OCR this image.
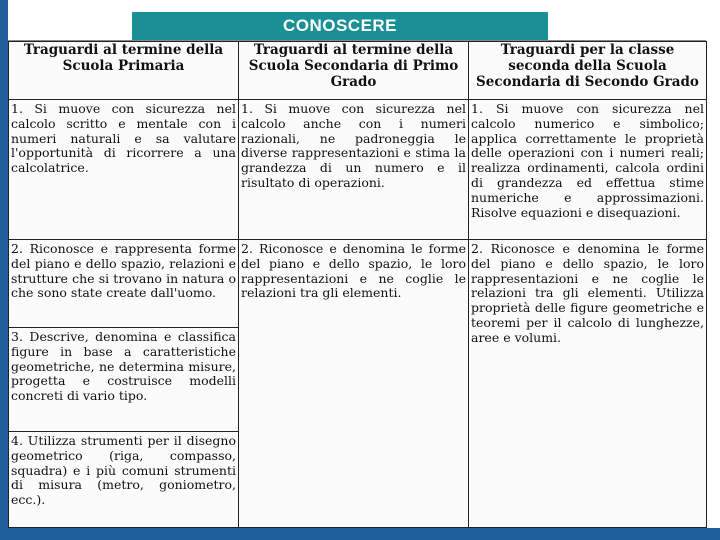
Traguardi al termine della Scuola Primaria	Traguardi al termine della Scuola Secondaria di Primo Grado	Traguardi per la classe seconda della Scuola Secondaria di Secondo Grado
1. Si muove con sicurezza nel calcolo scritto e mentale con i numeri naturali e sa valutare l'opportunità di ricorrere a una calcolatrice.	1. Si muove con sicurezza nel calcolo anche con i numeri razionali, ne padroneggia le diverse rappresentazioni e stima la grandezza di un numero e il risultato di operazioni.	1. Si muove con sicurezza nel calcolo numerico e simbolico; applica correttamente le proprietà delle operazioni con i numeri reali; realizza ordinamenti, calcola ordini di grandezza ed effettua stime numeriche e approssimazioni. Risolve equazioni e disequazioni.
2. Riconosce e rappresenta forme del piano e dello spazio, relazioni e strutture che si trovano in natura o che sono state create dall'uomo.	2. Riconosce e denomina le forme del piano e dello spazio, le loro rappresentazioni e ne coglie le relazioni tra gli elementi.	2. Riconosce e denomina le forme del piano e dello spazio, le loro rappresentazioni e ne coglie le relazioni tra gli elementi. Utilizza proprietà delle figure geometriche e teoremi per il calcolo di lunghezze, aree e volumi.
3. Descrive, denomina e classifica figure in base a caratteristiche geometriche, ne determina misure, progetta e costruisce modelli concreti di vario tipo.		
4. Utilizza strumenti per il disegno geometrico (riga, compasso, squadra) e i più comuni strumenti di misura (metro, goniometro, ecc.).		
CONOSCERE
